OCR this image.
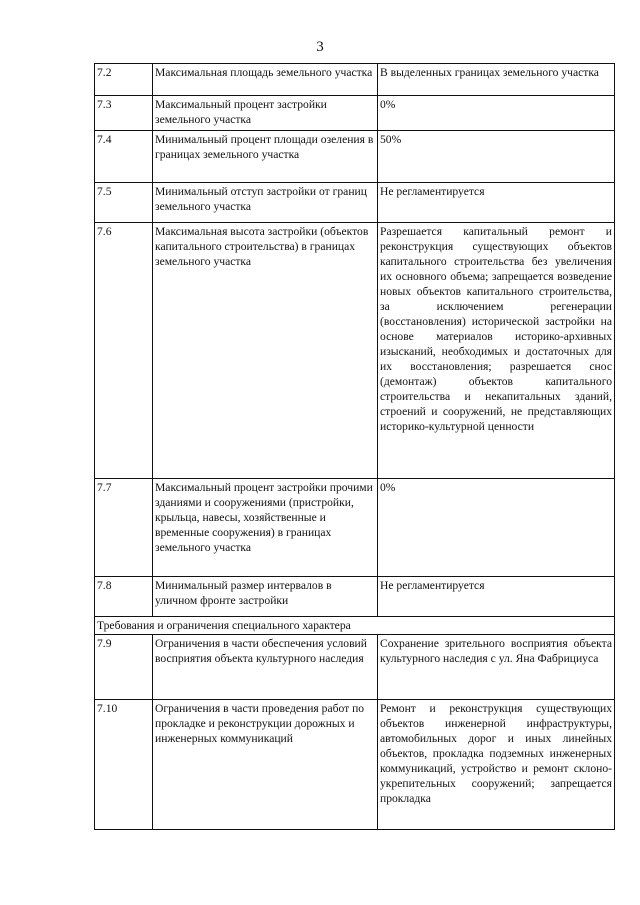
3
7.2	Максимальная площадь земельного участка	В выделенных границах земельного участка
7.3	Максимальный процент застройки земельного участка	0%
7.4	Минимальный процент площади озеления в границах земельного участка	50%
7.5	Минимальный отступ застройки от границ земельного участка	Не регламентируется
7.6	Максимальная высота застройки (объектов капитального строительства) в границах земельного участка	Разрешается капитальный ремонт и реконструкция существующих объектов капитального строительства без увеличения их основного объема; запрещается возведение новых объектов капитального строительства, за исключением регенерации (восстановления) исторической застройки на основе материалов историко-архивных изысканий, необходимых и достаточных для их восстановления; разрешается снос (демонтаж) объектов капитального строительства и некапитальных зданий, строений и сооружений, не представляющих историко-культурной ценности
7.7	Максимальный процент застройки прочими зданиями и сооружениями (пристройки, крыльца, навесы, хозяйственные и временные сооружения) в границах земельного участка	0%
7.8	Минимальный размер интервалов в уличном фронте застройки	Не регламентируется
Требования и ограничения специального характера		
7.9	Ограничения в части обеспечения условий восприятия объекта культурного наследия	Сохранение зрительного восприятия объекта культурного наследия с ул. Яна Фабрициуса
7.10	Ограничения в части проведения работ по прокладке и реконструкции дорожных и инженерных коммуникаций	Ремонт и реконструкция существующих объектов инженерной инфраструктуры, автомобильных дорог и иных линейных объектов, прокладка подземных инженерных коммуникаций, устройство и ремонт склоно-укрепительных сооружений; запрещается прокладка
